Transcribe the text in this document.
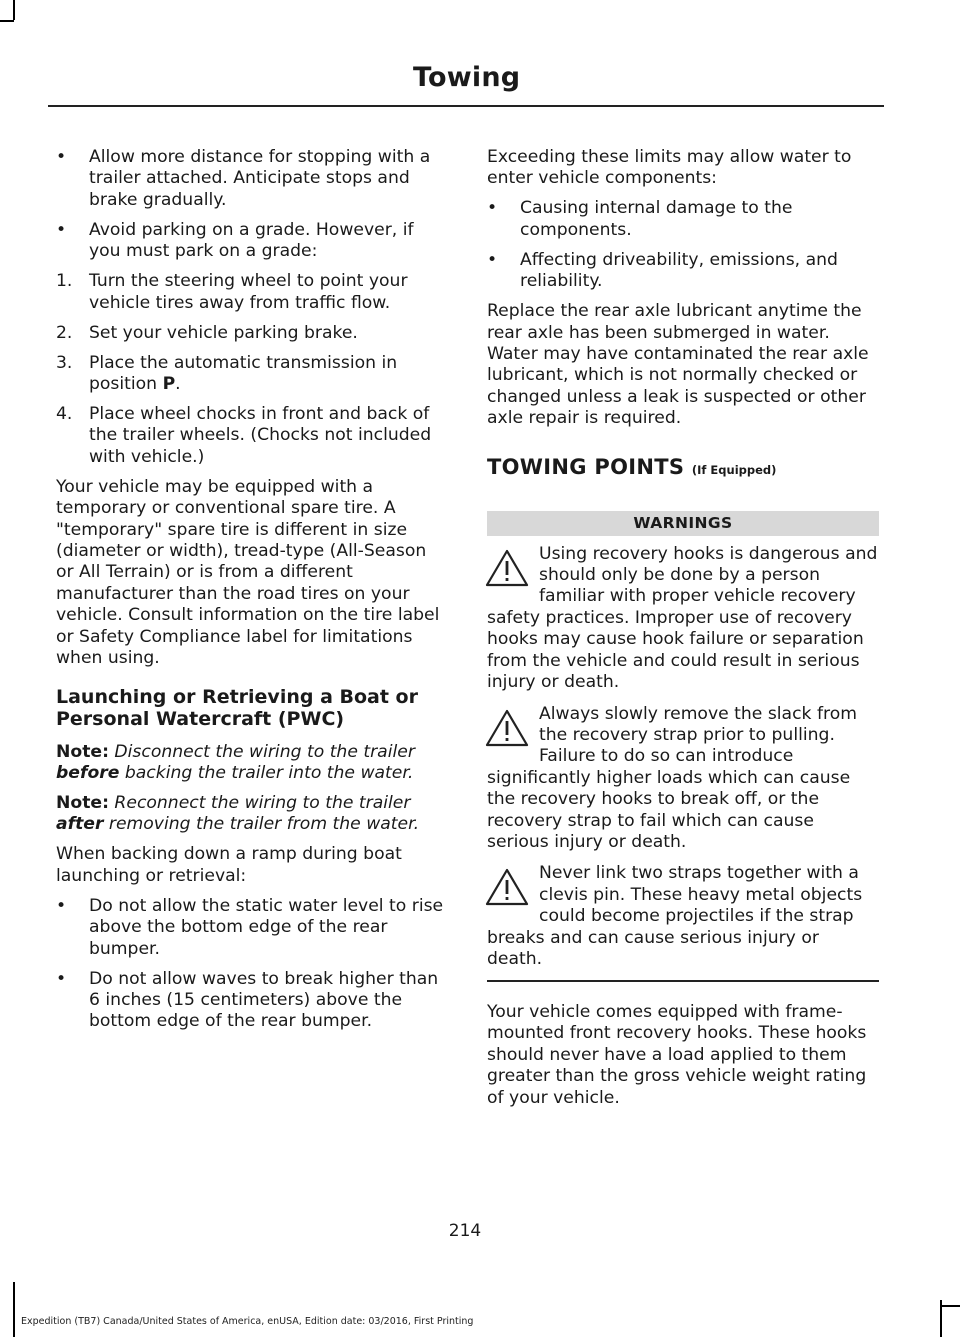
Towing
•	Allow more distance for stopping with a trailer attached. Anticipate stops and brake gradually.
•	Avoid parking on a grade. However, if you must park on a grade:
1. Turn the steering wheel to point your vehicle tires away from traffic flow.
2. Set your vehicle parking brake.
3. Place the automatic transmission in position P.
4. Place wheel chocks in front and back of the trailer wheels. (Chocks not included with vehicle.)

Your vehicle may be equipped with a temporary or conventional spare tire. A "temporary" spare tire is different in size (diameter or width), tread-type (All-Season or All Terrain) or is from a different manufacturer than the road tires on your vehicle. Consult information on the tire label or Safety Compliance label for limitations when using.

Launching or Retrieving a Boat or Personal Watercraft (PWC)

Note: Disconnect the wiring to the trailer before backing the trailer into the water.

Note: Reconnect the wiring to the trailer after removing the trailer from the water.

When backing down a ramp during boat launching or retrieval:

•	Do not allow the static water level to rise above the bottom edge of the rear bumper.
•	Do not allow waves to break higher than 6 inches (15 centimeters) above the bottom edge of the rear bumper.

Exceeding these limits may allow water to enter vehicle components:

•	Causing internal damage to the components.
•	Affecting driveability, emissions, and reliability.

Replace the rear axle lubricant anytime the rear axle has been submerged in water. Water may have contaminated the rear axle lubricant, which is not normally checked or changed unless a leak is suspected or other axle repair is required.

TOWING POINTS (If Equipped)
WARNINGS
Using recovery hooks is dangerous and should only be done by a person familiar with proper vehicle recovery safety practices. Improper use of recovery hooks may cause hook failure or separation from the vehicle and could result in serious injury or death.
Always slowly remove the slack from the recovery strap prior to pulling. Failure to do so can introduce significantly higher loads which can cause the recovery hooks to break off, or the recovery strap to fail which can cause serious injury or death.
Never link two straps together with a clevis pin. These heavy metal objects could become projectiles if the strap breaks and can cause serious injury or death.

Your vehicle comes equipped with frame-mounted front recovery hooks. These hooks should never have a load applied to them greater than the gross vehicle weight rating of your vehicle.

214
Expedition (TB7) Canada/United States of America, enUSA, Edition date: 03/2016, First Printing
